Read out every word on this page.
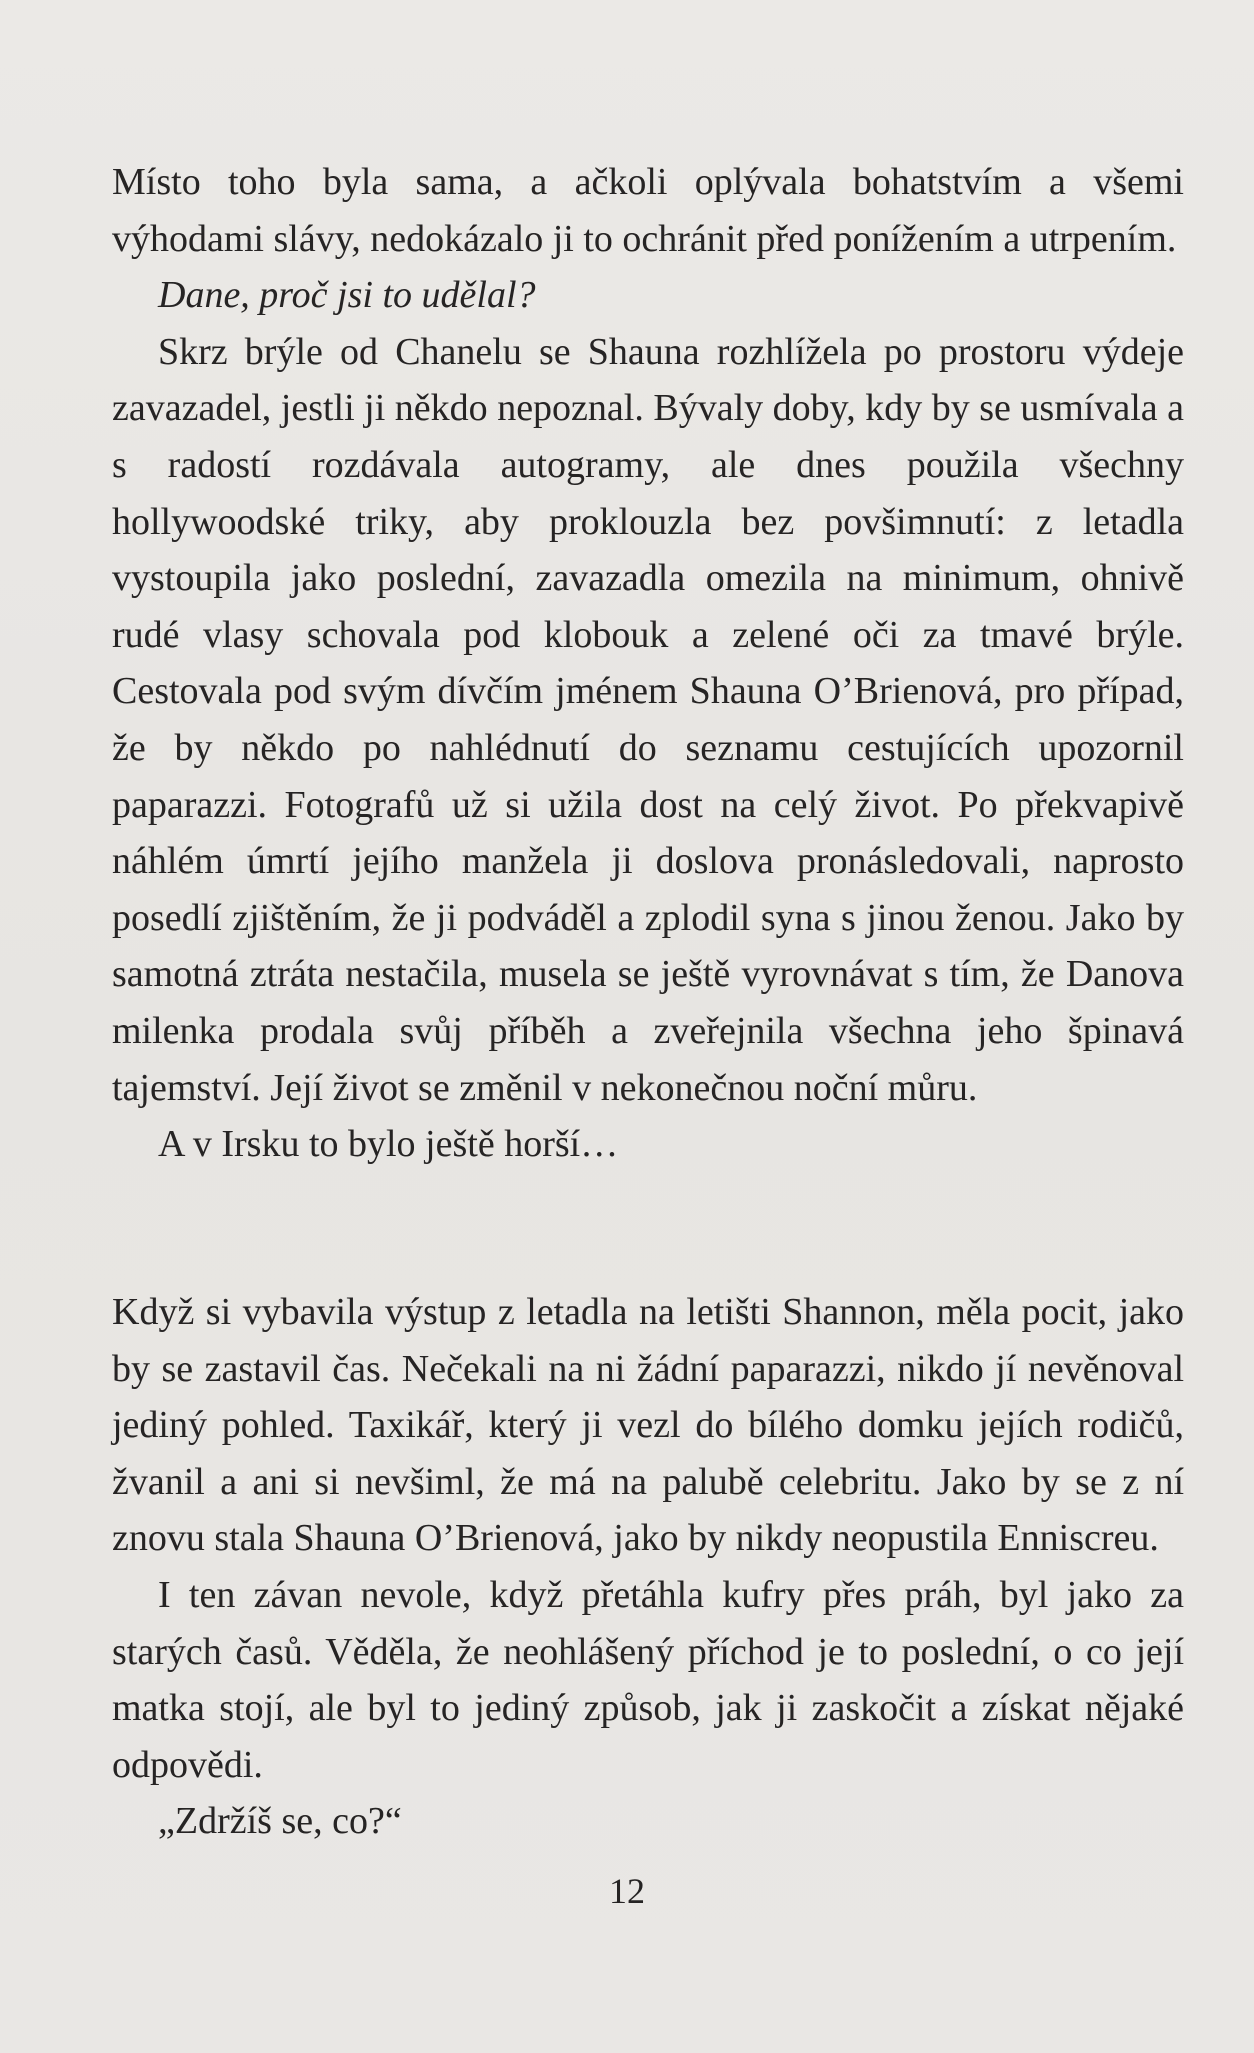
Místo toho byla sama, a ačkoli oplývala bohatstvím a všemi výhodami slávy, nedokázalo ji to ochránit před ponížením a utrpením.

Dane, proč jsi to udělal?

Skrz brýle od Chanelu se Shauna rozhlížela po prostoru výdeje zavazadel, jestli ji někdo nepoznal. Bývaly doby, kdy by se usmívala a s radostí rozdávala autogramy, ale dnes použila všechny hollywoodské triky, aby proklouzla bez povšimnutí: z letadla vystoupila jako poslední, zavazadla omezila na minimum, ohnivě rudé vlasy schovala pod klobouk a zelené oči za tmavé brýle. Cestovala pod svým dívčím jménem Shauna O’Brienová, pro případ, že by někdo po nahlédnutí do seznamu cestujících upozornil paparazzi. Fotografů už si užila dost na celý život. Po překvapivě náhlém úmrtí jejího manžela ji doslova pronásledovali, naprosto posedlí zjištěním, že ji podváděl a zplodil syna s jinou ženou. Jako by samotná ztráta nestačila, musela se ještě vyrovnávat s tím, že Danova milenka prodala svůj příběh a zveřejnila všechna jeho špinavá tajemství. Její život se změnil v nekonečnou noční můru.

A v Irsku to bylo ještě horší…

Když si vybavila výstup z letadla na letišti Shannon, měla pocit, jako by se zastavil čas. Nečekali na ni žádní paparazzi, nikdo jí nevěnoval jediný pohled. Taxikář, který ji vezl do bílého domku jejích rodičů, žvanil a ani si nevšiml, že má na palubě celebritu. Jako by se z ní znovu stala Shauna O’Brienová, jako by nikdy neopustila Enniscreu.

I ten závan nevole, když přetáhla kufry přes práh, byl jako za starých časů. Věděla, že neohlášený příchod je to poslední, o co její matka stojí, ale byl to jediný způsob, jak ji zaskočit a získat nějaké odpovědi.

„Zdržíš se, co?“

12
